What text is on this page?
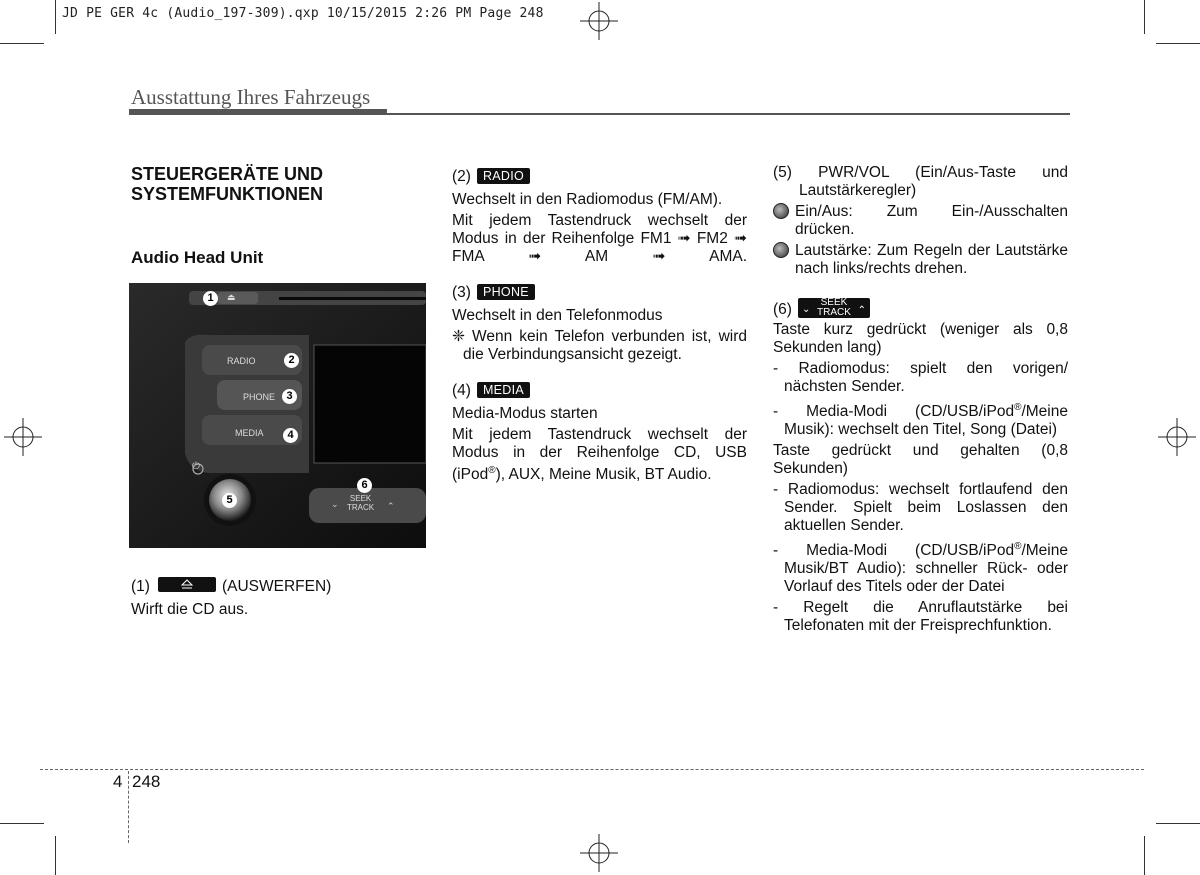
JD PE GER 4c (Audio_197-309).qxp 10/15/2015 2:26 PM Page 248
Ausstattung Ihres Fahrzeugs
STEUERGERÄTE UND
SYSTEMFUNKTIONEN
Audio Head Unit
RADIO
PHONE
MEDIA
SEEK
TRACK
⌄	⌃
⏏
⏻
1
2
3
4
5
6

(1)	(AUSWERFEN)

Wirft die CD aus.

(2) RADIO

Wechselt in den Radiomodus (FM/AM).

Mit jedem Tastendruck wechselt der Modus in der Reihenfolge FM1 ➟ FM2 ➟ FMA ➟ AM ➟ AMA.

(3) PHONE

Wechselt in den Telefonmodus

❈ Wenn kein Telefon verbunden ist, wird die Verbindungsansicht gezeigt.

(4) MEDIA

Media-Modus starten

Mit jedem Tastendruck wechselt der Modus in der Reihenfolge CD, USB (iPod®), AUX, Meine Musik, BT Audio.

(5) PWR/VOL (Ein/Aus-Taste und Lautstärkeregler)

Ein/Aus: Zum Ein-/Ausschalten drücken.

Lautstärke: Zum Regeln der Lautstärke nach links/rechts drehen.

(6) ⌄
SEEK
TRACK ⌃

Taste kurz gedrückt (weniger als 0,8 Sekunden lang)

- Radiomodus: spielt den vorigen/ nächsten Sender.

- Media-Modi (CD/USB/iPod®/Meine Musik): wechselt den Titel, Song (Datei)

Taste gedrückt und gehalten (0,8 Sekunden)

- Radiomodus: wechselt fortlaufend den Sender. Spielt beim Loslassen den aktuellen Sender.

- Media-Modi (CD/USB/iPod®/Meine Musik/BT Audio): schneller Rück- oder Vorlauf des Titels oder der Datei

- Regelt die Anruflautstärke bei Telefonaten mit der Freisprechfunktion.

4 248
